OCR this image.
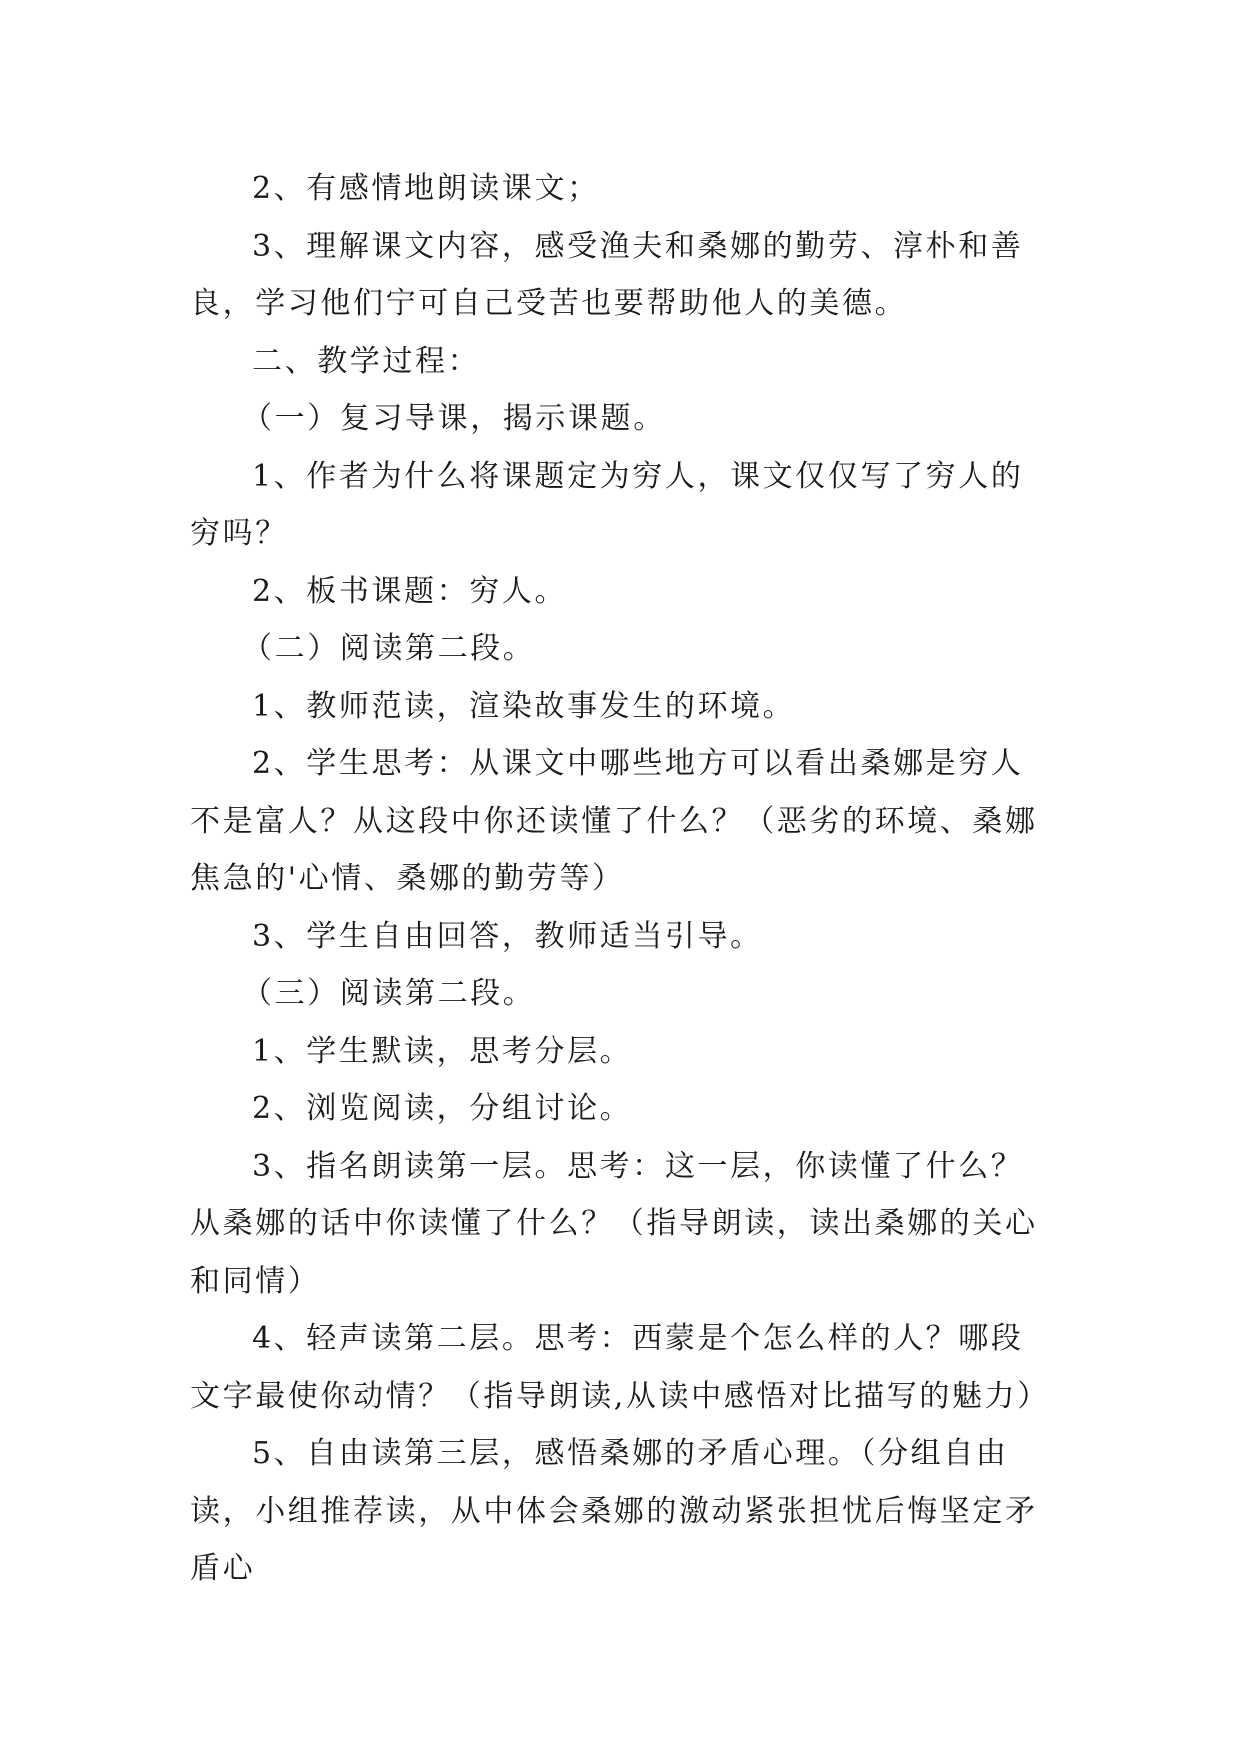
2、有感情地朗读课文；

3、理解课文内容，感受渔夫和桑娜的勤劳、淳朴和善良，学习他们宁可自己受苦也要帮助他人的美德。

二、教学过程：

（一）复习导课，揭示课题。

1、作者为什么将课题定为穷人，课文仅仅写了穷人的穷吗？

2、板书课题：穷人。

（二）阅读第二段。

1、教师范读，渲染故事发生的环境。

2、学生思考：从课文中哪些地方可以看出桑娜是穷人不是富人？从这段中你还读懂了什么？（恶劣的环境、桑娜焦急的'心情、桑娜的勤劳等）

3、学生自由回答，教师适当引导。

（三）阅读第二段。

1、学生默读，思考分层。

2、浏览阅读，分组讨论。

3、指名朗读第一层。思考：这一层，你读懂了什么？从桑娜的话中你读懂了什么？（指导朗读，读出桑娜的关心和同情）

4、轻声读第二层。思考：西蒙是个怎么样的人？哪段文字最使你动情？（指导朗读,从读中感悟对比描写的魅力）

5、自由读第三层，感悟桑娜的矛盾心理。（分组自由读，小组推荐读，从中体会桑娜的激动紧张担忧后悔坚定矛盾心
